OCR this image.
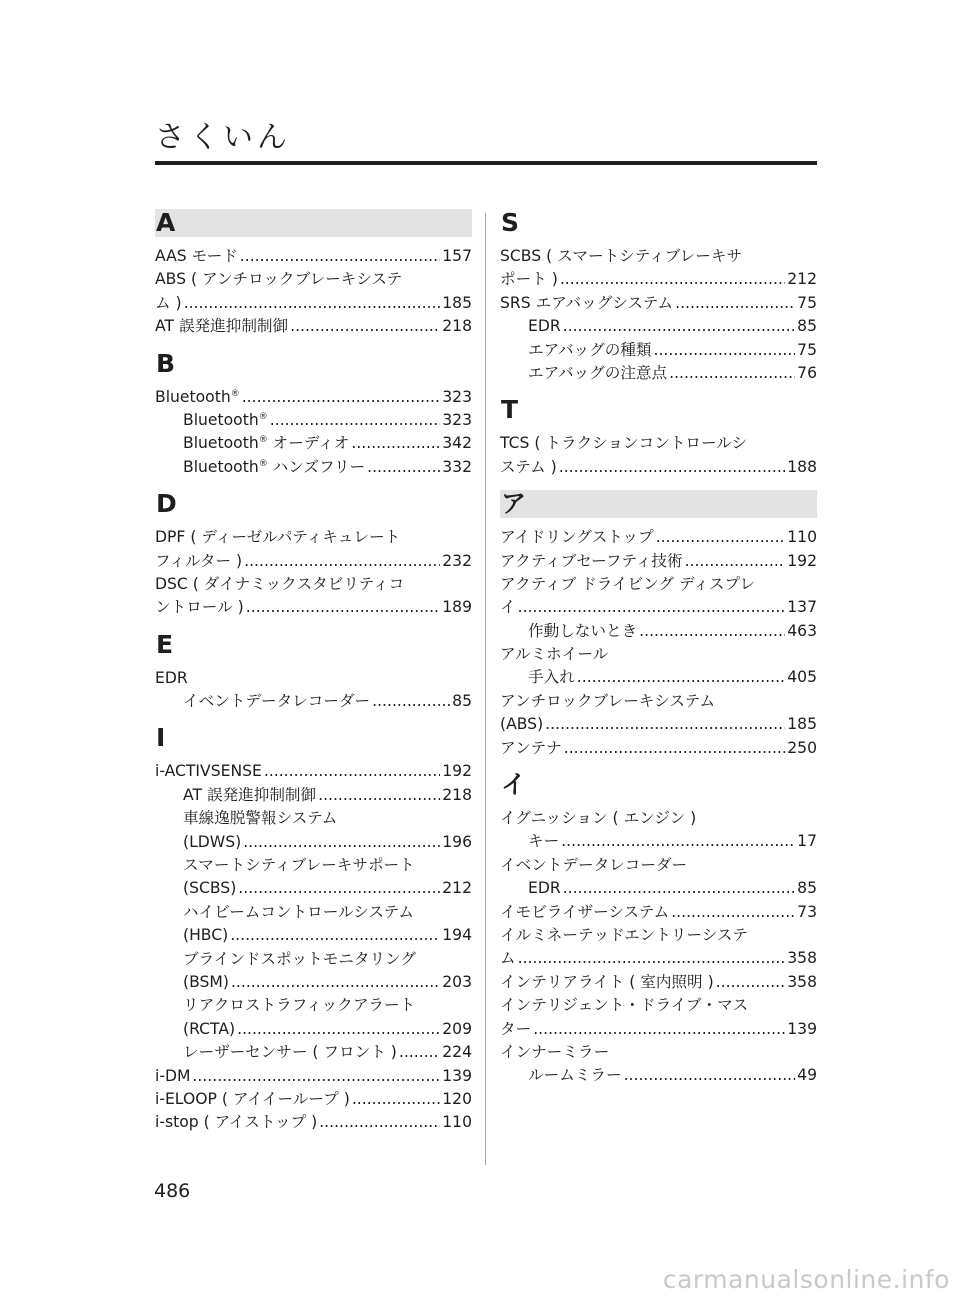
さくいん
A
AAS モード .....	157
ABS ( アンチロックブレーキシステ
ム ) .....	185
AT 誤発進抑制制御 .....	218
B
Bluetooth® .....	323
Bluetooth® .....	323
Bluetooth® オーディオ .....	342
Bluetooth® ハンズフリー .....	332
D
DPF ( ディーゼルパティキュレート
フィルター ) .....	232
DSC ( ダイナミックスタビリティコ
ントロール ) .....	189
E
EDR
イベントデータレコーダー .....	85
I
i-ACTIVSENSE .....	192
AT 誤発進抑制制御 .....	218
車線逸脱警報システム
(LDWS) .....	196
スマートシティブレーキサポート
(SCBS) .....	212
ハイビームコントロールシステム
(HBC) .....	194
ブラインドスポットモニタリング
(BSM) .....	203
リアクロストラフィックアラート
(RCTA) .....	209
レーザーセンサー ( フロント ) .....	224
i-DM .....	139
i-ELOOP ( アイイーループ ) .....	120
i-stop ( アイストップ ) .....	110
S
SCBS ( スマートシティブレーキサ
ポート ) .....	212
SRS エアバッグシステム .....	75
EDR .....	85
エアバッグの種類 .....	75
エアバッグの注意点 .....	76
T
TCS ( トラクションコントロールシ
ステム ) .....	188
ア
アイドリングストップ .....	110
アクティブセーフティ技術 .....	192
アクティブ ドライビング ディスプレ
イ .....	137
作動しないとき .....	463
アルミホイール
手入れ .....	405
アンチロックブレーキシステム
(ABS) .....	185
アンテナ .....	250
イ
イグニッション ( エンジン )
キー .....	17
イベントデータレコーダー
EDR .....	85
イモビライザーシステム .....	73
イルミネーテッドエントリーシステ
ム .....	358
インテリアライト ( 室内照明 ) .....	358
インテリジェント・ドライブ・マス
ター .....	139
インナーミラー
ルームミラー .....	49
486
carmanualsonline.info
